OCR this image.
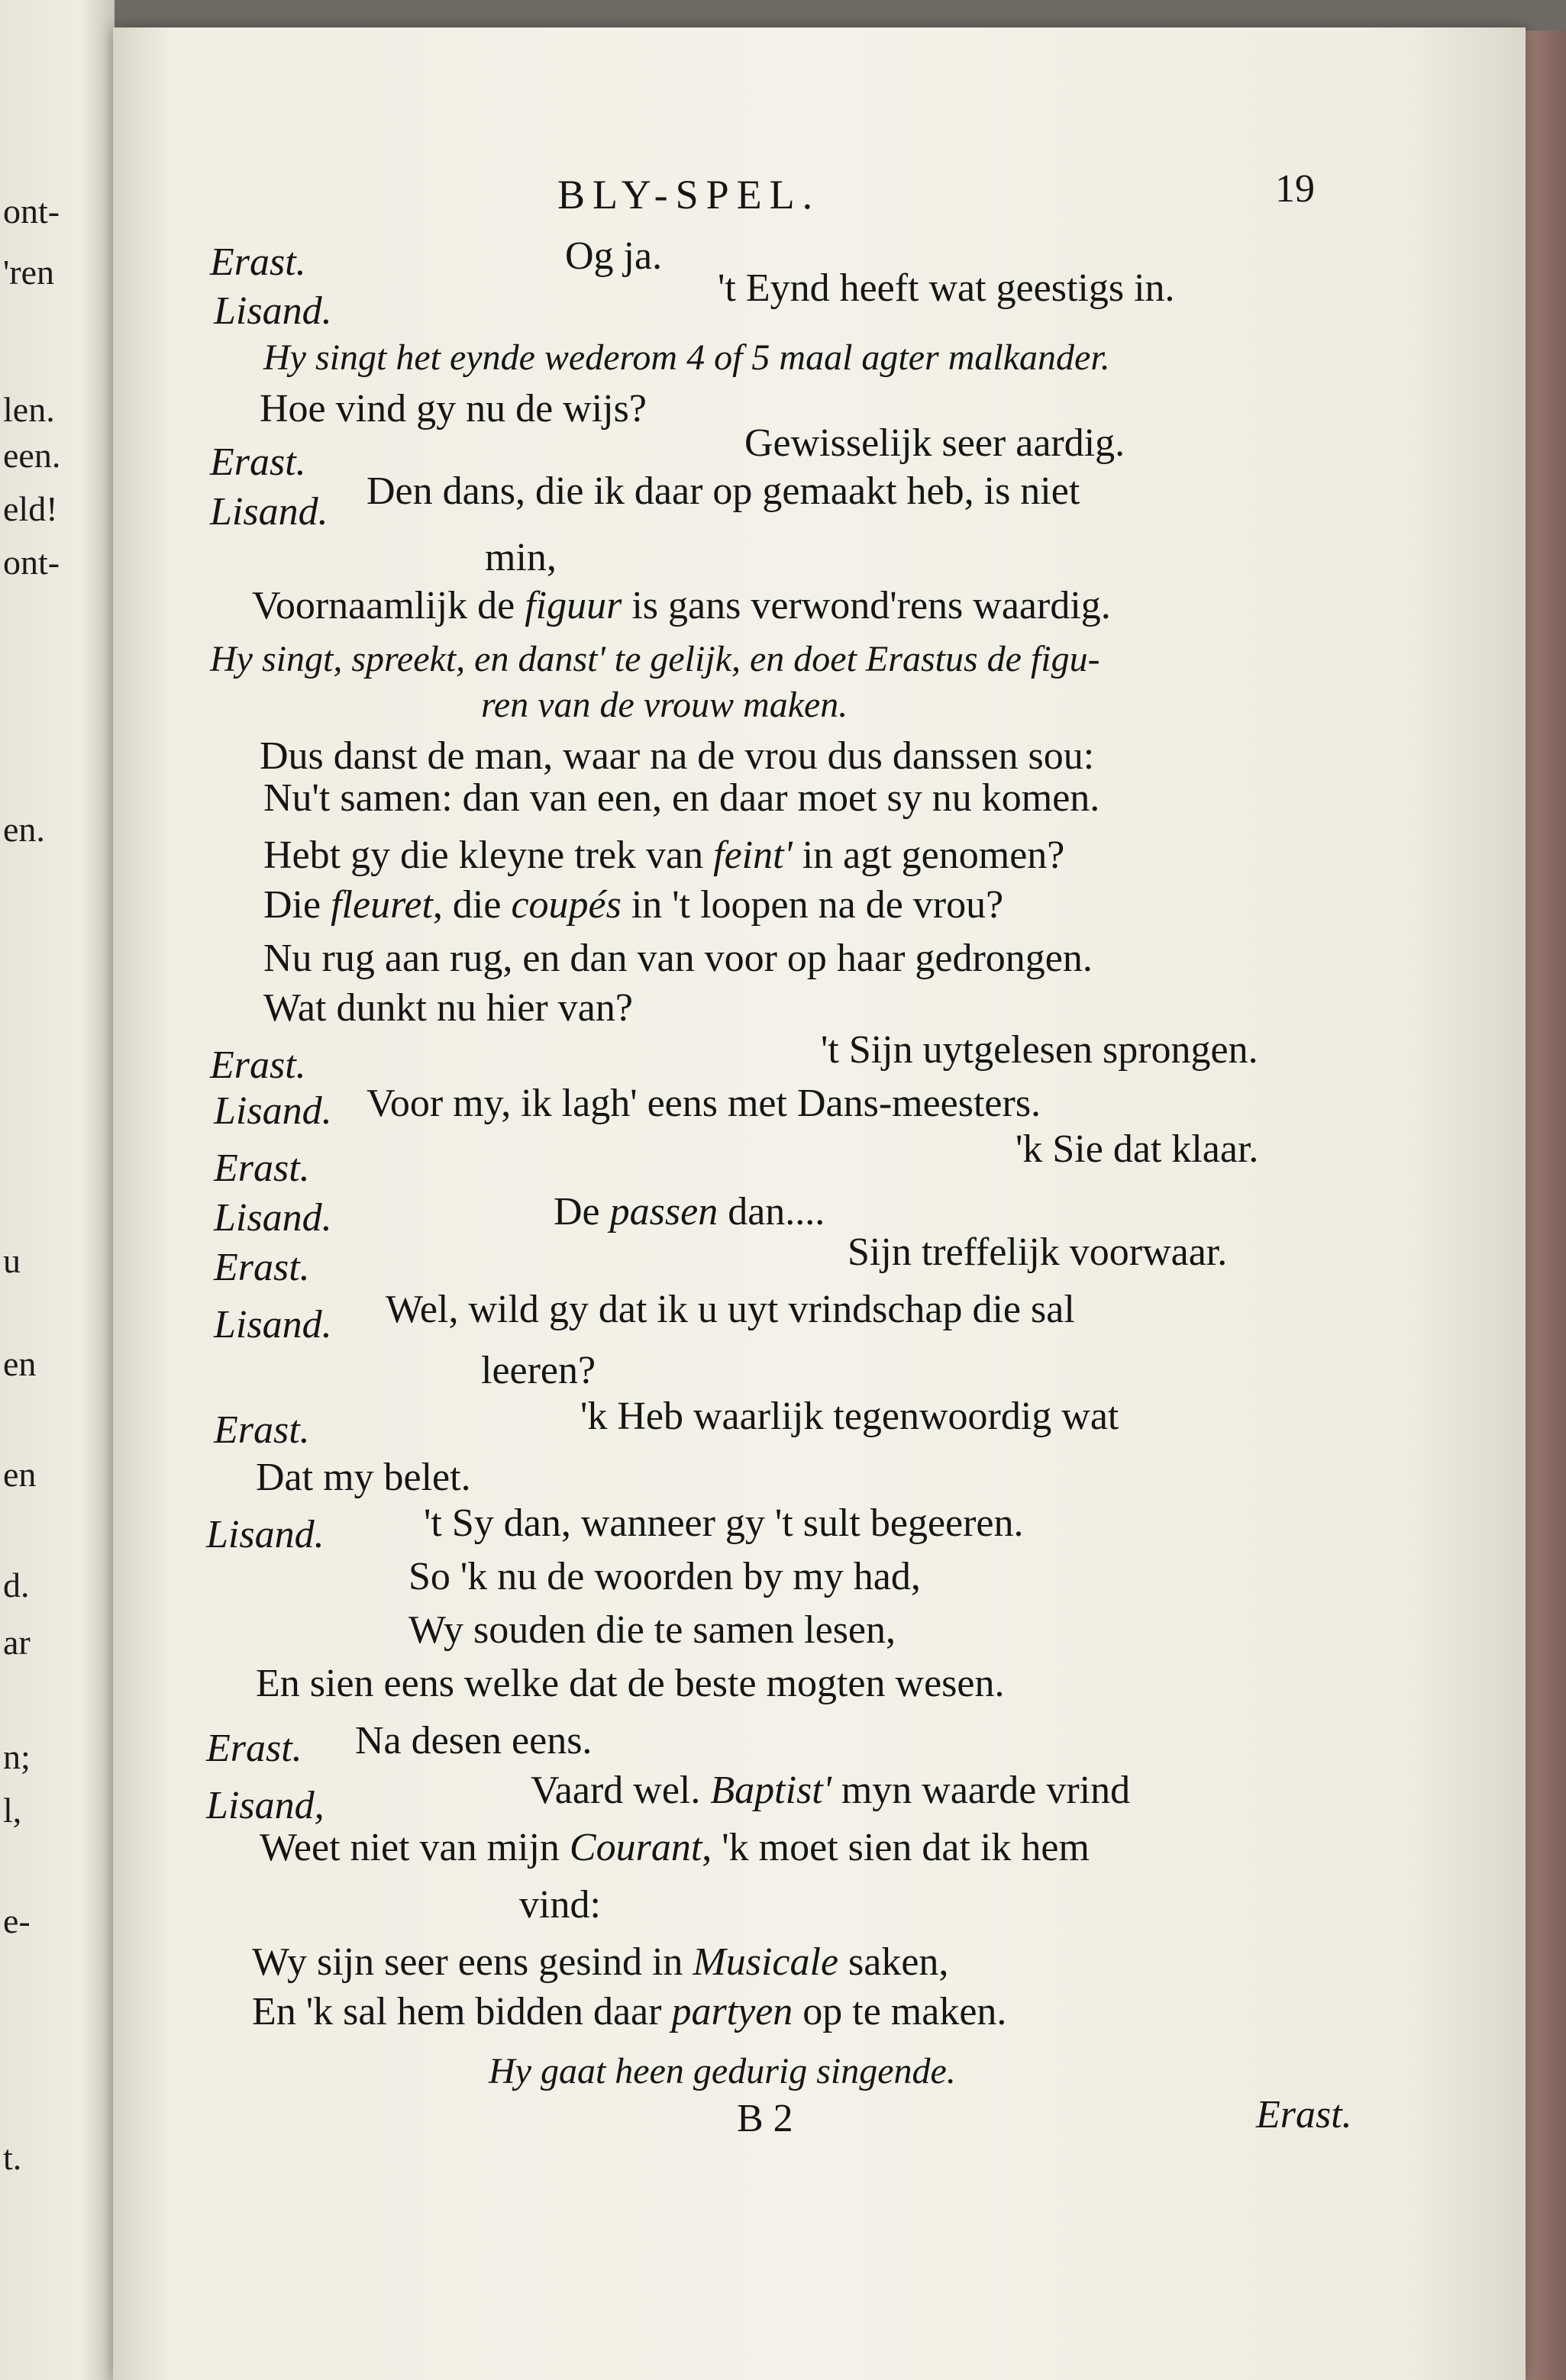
ont-
'ren
len.
een.
eld!
ont-
en.
u
en
en
d.
ar
n;
l,
e-
t.
BLY-SPEL.	19
Erast.	Og ja.
Lisand.
't Eynd heeft wat geestigs in.
Hy singt het eynde wederom 4 of 5 maal agter malkander.
Hoe vind gy nu de wijs?
Erast.	Gewisselijk seer aardig.
Lisand. Den dans, die ik daar op gemaakt heb, is niet
min,
Voornaamlijk de figuur is gans verwond'rens waardig.
Hy singt, spreekt, en danst' te gelijk, en doet Erastus de figu-
ren van de vrouw maken.
Dus danst de man, waar na de vrou dus danssen sou:
Nu't samen: dan van een, en daar moet sy nu komen.
Hebt gy die kleyne trek van feint' in agt genomen?
Die fleuret, die coupés in 't loopen na de vrou?
Nu rug aan rug, en dan van voor op haar gedrongen.
Wat dunkt nu hier van?
Erast.	't Sijn uytgelesen sprongen.
Lisand. Voor my, ik lagh' eens met Dans-meesters.
Erast.	'k Sie dat klaar.
Lisand.	De passen dan....
Erast.	Sijn treffelijk voorwaar.
Lisand. Wel, wild gy dat ik u uyt vrindschap die sal
leeren?
Erast.	'k Heb waarlijk tegenwoordig wat
Dat my belet.
Lisand.	't Sy dan, wanneer gy 't sult begeeren.
So 'k nu de woorden by my had,
Wy souden die te samen lesen,
En sien eens welke dat de beste mogten wesen.
Erast. Na desen eens.
Lisand,	Vaard wel. Baptist' myn waarde vrind
Weet niet van mijn Courant, 'k moet sien dat ik hem
vind:
Wy sijn seer eens gesind in Musicale saken,
En 'k sal hem bidden daar partyen op te maken.
Hy gaat heen gedurig singende.
B 2	Erast.
